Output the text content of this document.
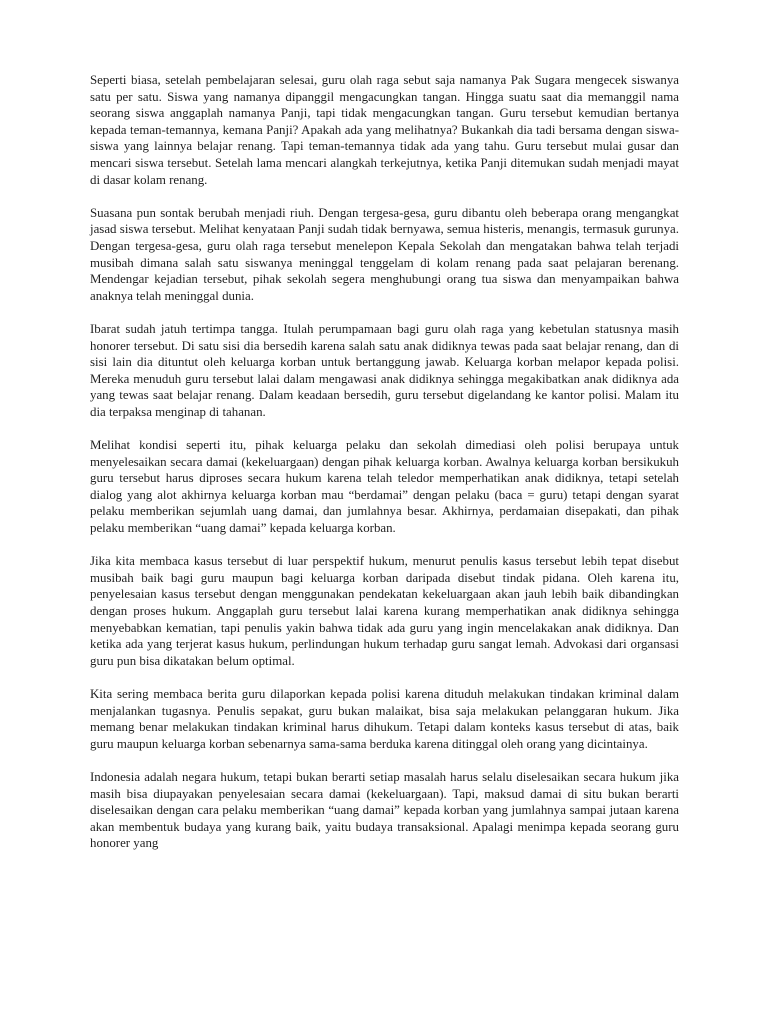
Seperti biasa, setelah pembelajaran selesai, guru olah raga sebut saja namanya Pak Sugara mengecek siswanya satu per satu. Siswa yang namanya dipanggil mengacungkan tangan. Hingga suatu saat dia memanggil nama seorang siswa anggaplah namanya Panji, tapi tidak mengacungkan tangan. Guru tersebut kemudian bertanya kepada teman-temannya, kemana Panji? Apakah ada yang melihatnya? Bukankah dia tadi bersama dengan siswa-siswa yang lainnya belajar renang. Tapi teman-temannya tidak ada yang tahu. Guru tersebut mulai gusar dan mencari siswa tersebut. Setelah lama mencari alangkah terkejutnya, ketika Panji ditemukan sudah menjadi mayat di dasar kolam renang.

Suasana pun sontak berubah menjadi riuh. Dengan tergesa-gesa, guru dibantu oleh beberapa orang mengangkat jasad siswa tersebut. Melihat kenyataan Panji sudah tidak bernyawa, semua histeris, menangis, termasuk gurunya. Dengan tergesa-gesa, guru olah raga tersebut menelepon Kepala Sekolah dan mengatakan bahwa telah terjadi musibah dimana salah satu siswanya meninggal tenggelam di kolam renang pada saat pelajaran berenang. Mendengar kejadian tersebut, pihak sekolah segera menghubungi orang tua siswa dan menyampaikan bahwa anaknya telah meninggal dunia.

Ibarat sudah jatuh tertimpa tangga. Itulah perumpamaan bagi guru olah raga yang kebetulan statusnya masih honorer tersebut. Di satu sisi dia bersedih karena salah satu anak didiknya tewas pada saat belajar renang, dan di sisi lain dia dituntut oleh keluarga korban untuk bertanggung jawab. Keluarga korban melapor kepada polisi. Mereka menuduh guru tersebut lalai dalam mengawasi anak didiknya sehingga megakibatkan anak didiknya ada yang tewas saat belajar renang. Dalam keadaan bersedih, guru tersebut digelandang ke kantor polisi. Malam itu dia terpaksa menginap di tahanan.

Melihat kondisi seperti itu, pihak keluarga pelaku dan sekolah dimediasi oleh polisi berupaya untuk menyelesaikan secara damai (kekeluargaan) dengan pihak keluarga korban. Awalnya keluarga korban bersikukuh guru tersebut harus diproses secara hukum karena telah teledor memperhatikan anak didiknya, tetapi setelah dialog yang alot akhirnya keluarga korban mau “berdamai” dengan pelaku (baca = guru) tetapi dengan syarat pelaku memberikan sejumlah uang damai, dan jumlahnya besar. Akhirnya, perdamaian disepakati, dan pihak pelaku memberikan “uang damai” kepada keluarga korban.

Jika kita membaca kasus tersebut di luar perspektif hukum, menurut penulis kasus tersebut lebih tepat disebut musibah baik bagi guru maupun bagi keluarga korban daripada disebut tindak pidana. Oleh karena itu, penyelesaian kasus tersebut dengan menggunakan pendekatan kekeluargaan akan jauh lebih baik dibandingkan dengan proses hukum. Anggaplah guru tersebut lalai karena kurang memperhatikan anak didiknya sehingga menyebabkan kematian, tapi penulis yakin bahwa tidak ada guru yang ingin mencelakakan anak didiknya. Dan ketika ada yang terjerat kasus hukum, perlindungan hukum terhadap guru sangat lemah. Advokasi dari organsasi guru pun bisa dikatakan belum optimal.

Kita sering membaca berita guru dilaporkan kepada polisi karena dituduh melakukan tindakan kriminal dalam menjalankan tugasnya. Penulis sepakat, guru bukan malaikat, bisa saja melakukan pelanggaran hukum. Jika memang benar melakukan tindakan kriminal harus dihukum. Tetapi dalam konteks kasus tersebut di atas, baik guru maupun keluarga korban sebenarnya sama-sama berduka karena ditinggal oleh orang yang dicintainya.

Indonesia adalah negara hukum, tetapi bukan berarti setiap masalah harus selalu diselesaikan secara hukum jika masih bisa diupayakan penyelesaian secara damai (kekeluargaan). Tapi, maksud damai di situ bukan berarti diselesaikan dengan cara pelaku memberikan “uang damai” kepada korban yang jumlahnya sampai jutaan karena akan membentuk budaya yang kurang baik, yaitu budaya transaksional. Apalagi menimpa kepada seorang guru honorer yang
